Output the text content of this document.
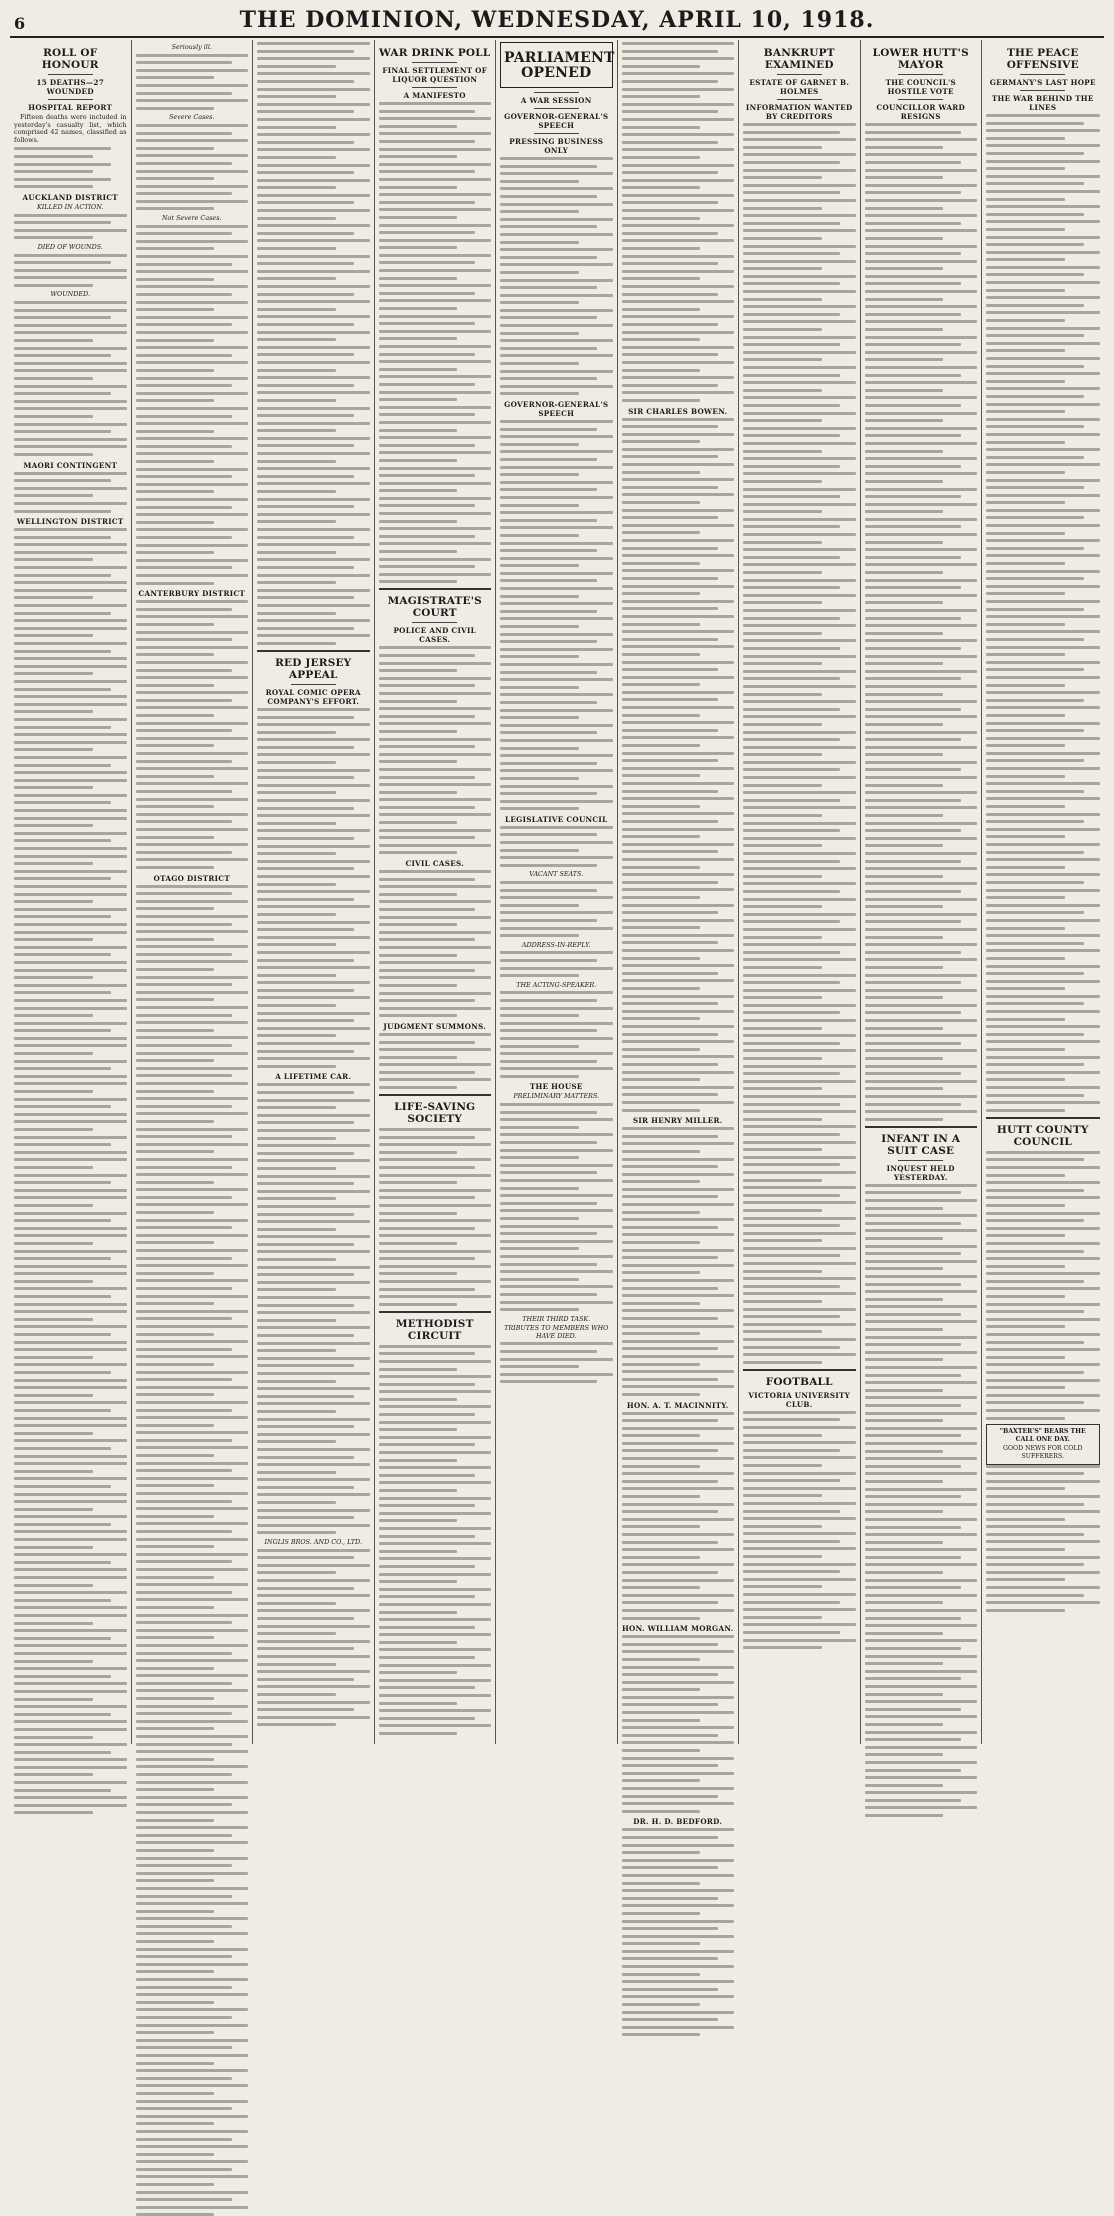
6	THE DOMINION, WEDNESDAY, APRIL 10, 1918.
ROLL OF HONOUR
15 DEATHS—27 WOUNDED
HOSPITAL REPORT

Fifteen deaths were included in yesterday's casualty list, which comprised 42 names, classified as follows.

AUCKLAND DISTRICT
KILLED IN ACTION.
DIED OF WOUNDS.
WOUNDED.
MAORI CONTINGENT
WELLINGTON DISTRICT
Seriously ill.
Severe Cases.
Not Severe Cases.
CANTERBURY DISTRICT
OTAGO DISTRICT
RED JERSEY APPEAL
ROYAL COMIC OPERA COMPANY'S EFFORT.
A LIFETIME CAR.
INGLIS BROS. AND CO., LTD.
WAR DRINK POLL
FINAL SETTLEMENT OF LIQUOR QUESTION
A MANIFESTO
MAGISTRATE'S COURT
POLICE AND CIVIL CASES.
CIVIL CASES.
JUDGMENT SUMMONS.
LIFE-SAVING SOCIETY
METHODIST CIRCUIT
PARLIAMENT OPENED
A WAR SESSION
GOVERNOR-GENERAL'S SPEECH
PRESSING BUSINESS ONLY
GOVERNOR-GENERAL'S SPEECH
LEGISLATIVE COUNCIL
VACANT SEATS.
ADDRESS-IN-REPLY.
THE ACTING-SPEAKER.
THE HOUSE
PRELIMINARY MATTERS.
THEIR THIRD TASK.
TRIBUTES TO MEMBERS WHO HAVE DIED.
SIR CHARLES BOWEN.
SIR HENRY MILLER.
HON. A. T. MACINNITY.
HON. WILLIAM MORGAN.
DR. H. D. BEDFORD.
BANKRUPT EXAMINED
ESTATE OF GARNET B. HOLMES
INFORMATION WANTED BY CREDITORS
FOOTBALL
VICTORIA UNIVERSITY CLUB.
LOWER HUTT'S MAYOR
THE COUNCIL'S HOSTILE VOTE
COUNCILLOR WARD RESIGNS
INFANT IN A SUIT CASE
INQUEST HELD YESTERDAY.
THE PEACE OFFENSIVE
GERMANY'S LAST HOPE
THE WAR BEHIND THE LINES
HUTT COUNTY COUNCIL
"BAXTER'S" BEARS THE CALL ONE DAY.
GOOD NEWS FOR COLD SUFFERERS.
